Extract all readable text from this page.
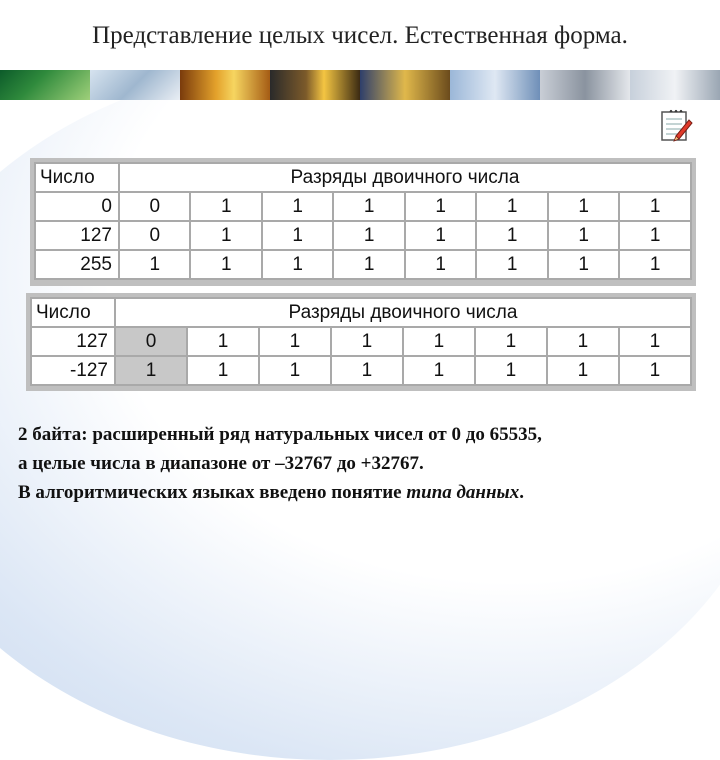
Представление целых чисел. Естественная форма.
Число	Разряды двоичного числа							
0	0	1	1	1	1	1	1	1
127	0	1	1	1	1	1	1	1
255	1	1	1	1	1	1	1	1
Число	Разряды двоичного числа							
127	0	1	1	1	1	1	1	1
-127	1	1	1	1	1	1	1	1

2 байта: расширенный ряд натуральных чисел от 0 до 65535,

а целые числа в диапазоне от –32767 до +32767.

В алгоритмических языках введено понятие типа данных.
